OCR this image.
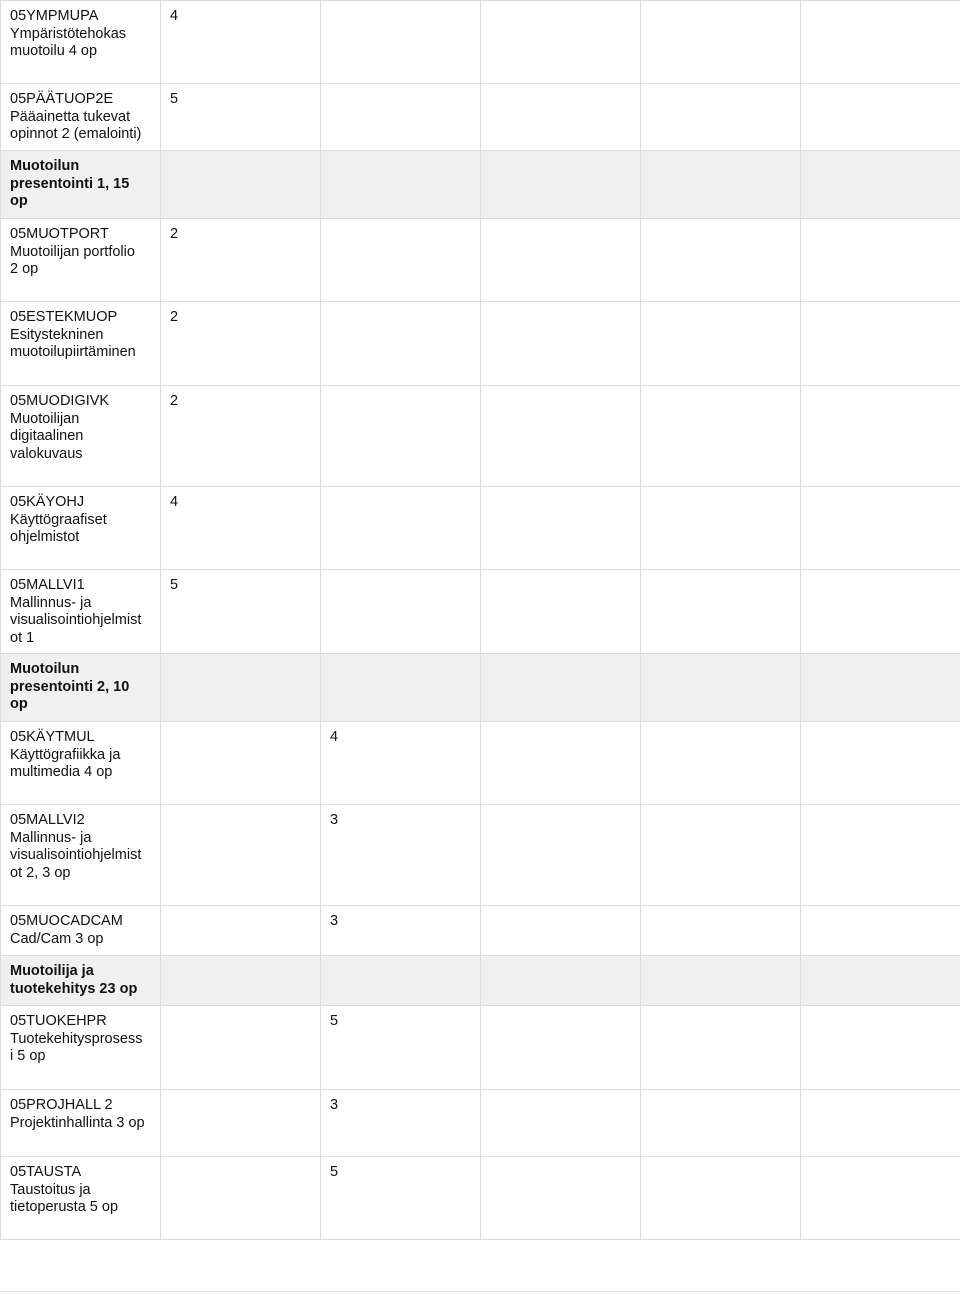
05YMPMUPA
Ympäristötehokas
muotoilu 4 op	4				

05PÄÄTUOP2E
Pääainetta tukevat
opinnot 2 (emalointi)	5				

Muotoilun
presentointi 1, 15
op					

05MUOTPORT
Muotoilijan portfolio
2 op	2				

05ESTEKMUOP
Esitystekninen
muotoilupiirtäminen	2				

05MUODIGIVK
Muotoilijan
digitaalinen
valokuvaus	2				

05KÄYOHJ
Käyttögraafiset
ohjelmistot	4				

05MALLVI1
Mallinnus- ja
visualisointiohjelmist
ot 1	5				

Muotoilun
presentointi 2, 10
op					

05KÄYTMUL
Käyttögrafiikka ja
multimedia 4 op		4			

05MALLVI2
Mallinnus- ja
visualisointiohjelmist
ot 2, 3 op		3			

05MUOCADCAM
Cad/Cam 3 op		3			

Muotoilija ja
tuotekehitys 23 op					

05TUOKEHPR
Tuotekehitysprosess
i 5 op		5			

05PROJHALL 2
Projektinhallinta 3 op		3			

05TAUSTA
Taustoitus ja
tietoperusta 5 op		5			
